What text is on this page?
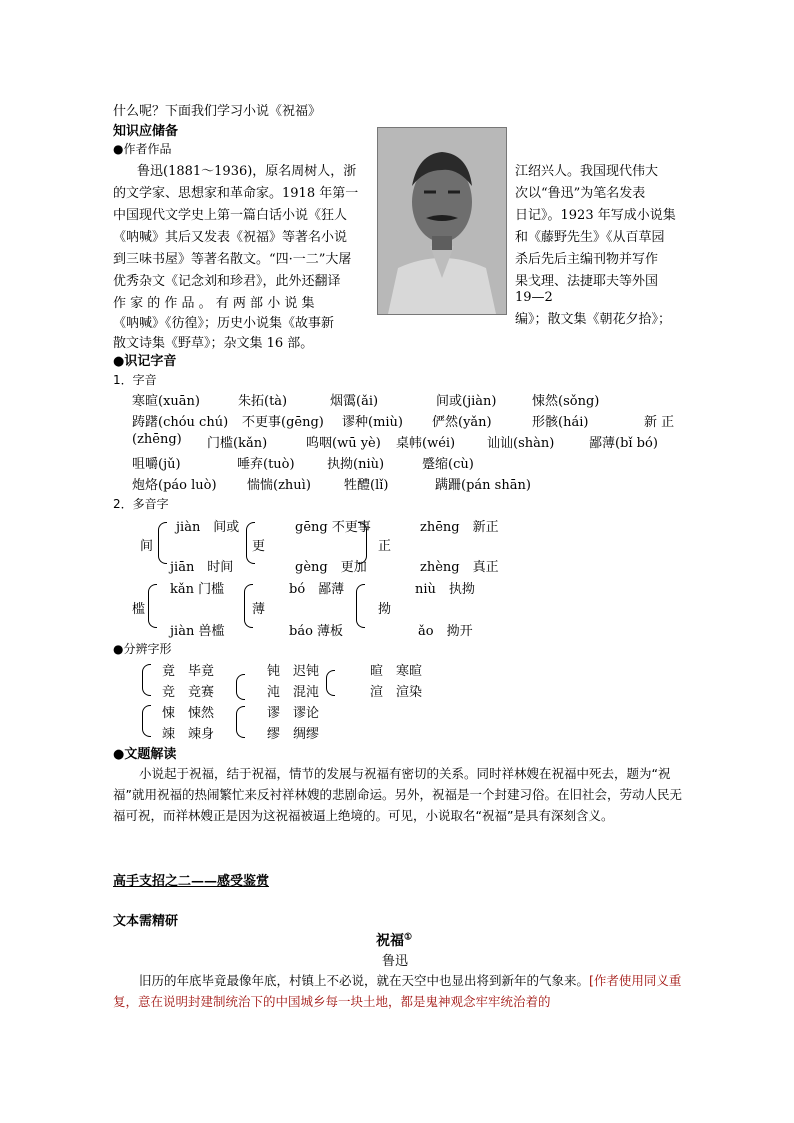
什么呢？下面我们学习小说《祝福》
知识应储备
●作者作品
鲁迅(1881～1936)，原名周树人，浙
的文学家、思想家和革命家。1918 年第一
中国现代文学史上第一篇白话小说《狂人
《呐喊》其后又发表《祝福》等著名小说
到三味书屋》等著名散文。“四·一二”大屠
优秀杂文《记念刘和珍君》，此外还翻译
作 家 的 作 品 。 有 两 部 小 说 集
《呐喊》《彷徨》；历史小说集《故事新
散文诗集《野草》；杂文集 16 部。
江绍兴人。我国现代伟大
次以“鲁迅”为笔名发表
日记》。1923 年写成小说集
和《藤野先生》《从百草园
杀后先后主编刊物并写作
果戈理、法捷耶夫等外国
19—2
编》；散文集《朝花夕拾》；
●识记字音
1．字音
寒暄(xuān)	朱拓(tà)	烟霭(ǎi)	间或(jiàn)	悚然(sǒng)
踌躇(chóu chú) 不更事(gēng) 谬种(miù) 俨然(yǎn)	形骸(hái)	新 正
(zhēng) 门槛(kǎn)	呜咽(wū yè) 桌帏(wéi) 讪讪(shàn)	鄙薄(bǐ bó)
咀嚼(jǔ)	唾弃(tuò) 执拗(niù)	蹙缩(cù)
炮烙(páo luò) 惴惴(zhuì)	牲醴(lǐ)	蹒跚(pán shān)
2．多音字
间
jiàn　间或
jiān　时间
更
gēng 不更事
gèng　更加
正
zhēng　新正
zhèng　真正
槛
kǎn 门槛
jiàn 兽槛
薄
bó　鄙薄
báo 薄板
拗
niù　执拗
ǎo　拗开
●分辨字形
竟　毕竟
竞　竞赛
钝　迟钝
沌　混沌
暄　寒暄
渲　渲染
悚　悚然
竦　竦身
谬　谬论
缪　绸缪
●文题解读

小说起于祝福，结于祝福，情节的发展与祝福有密切的关系。同时祥林嫂在祝福中死去，题为“祝福”就用祝福的热闹繁忙来反衬祥林嫂的悲剧命运。另外，祝福是一个封建习俗。在旧社会，劳动人民无福可祝，而祥林嫂正是因为这祝福被逼上绝境的。可见，小说取名“祝福”是具有深刻含义。

高手支招之二——感受鉴赏
文本需精研
祝福①
鲁迅

旧历的年底毕竟最像年底，村镇上不必说，就在天空中也显出将到新年的气象来。[作者使用同义重复，意在说明封建制统治下的中国城乡每一块土地，都是鬼神观念牢牢统治着的
